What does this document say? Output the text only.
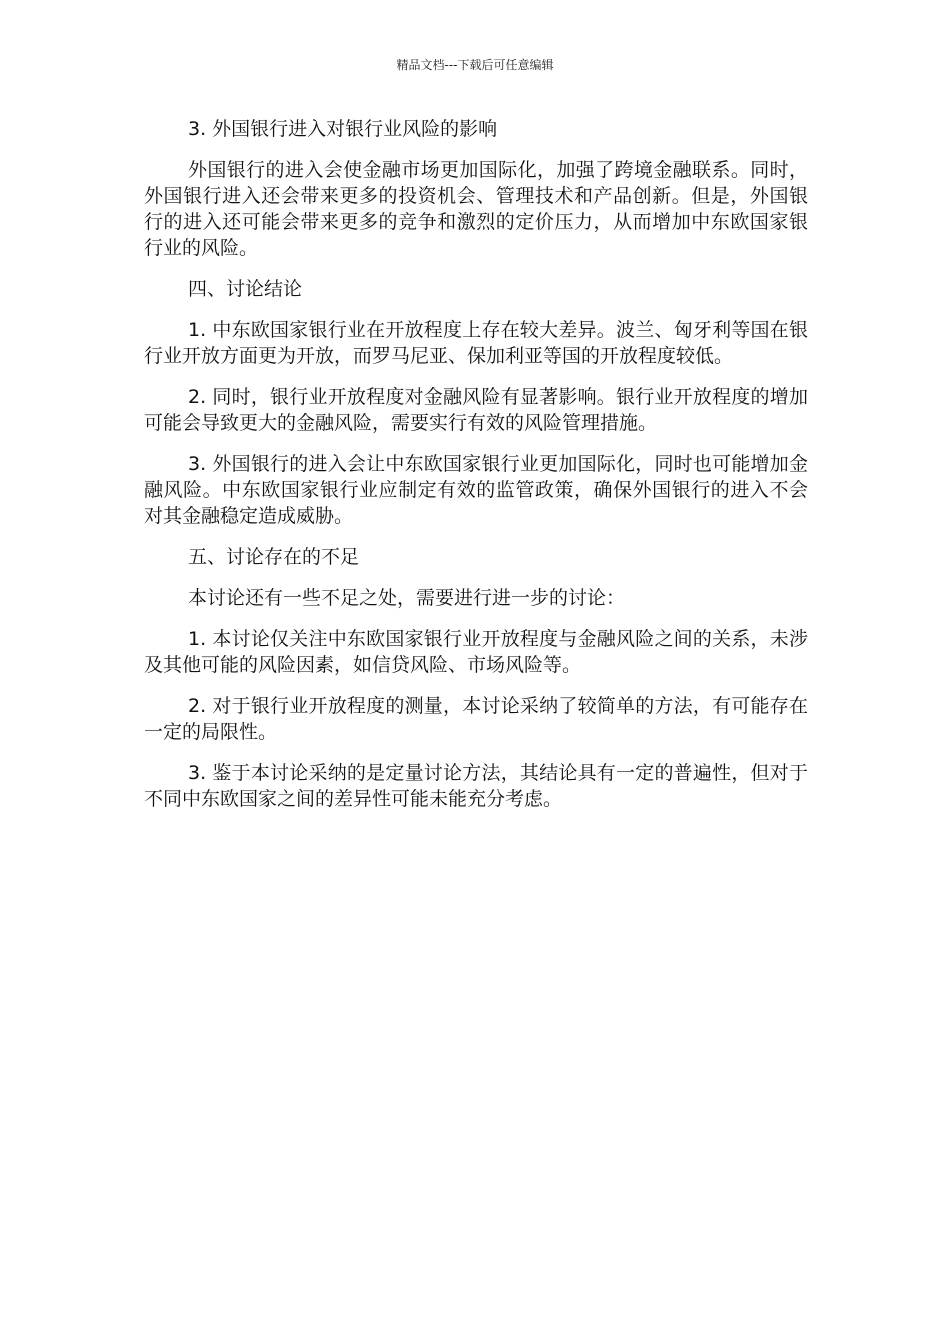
精品文档---下载后可任意编辑

3. 外国银行进入对银行业风险的影响

外国银行的进入会使金融市场更加国际化，加强了跨境金融联系。同时，外国银行进入还会带来更多的投资机会、管理技术和产品创新。但是，外国银行的进入还可能会带来更多的竞争和激烈的定价压力，从而增加中东欧国家银行业的风险。

四、讨论结论

1. 中东欧国家银行业在开放程度上存在较大差异。波兰、匈牙利等国在银行业开放方面更为开放，而罗马尼亚、保加利亚等国的开放程度较低。

2. 同时，银行业开放程度对金融风险有显著影响。银行业开放程度的增加可能会导致更大的金融风险，需要实行有效的风险管理措施。

3. 外国银行的进入会让中东欧国家银行业更加国际化，同时也可能增加金融风险。中东欧国家银行业应制定有效的监管政策，确保外国银行的进入不会对其金融稳定造成威胁。

五、讨论存在的不足

本讨论还有一些不足之处，需要进行进一步的讨论：

1. 本讨论仅关注中东欧国家银行业开放程度与金融风险之间的关系，未涉及其他可能的风险因素，如信贷风险、市场风险等。

2. 对于银行业开放程度的测量，本讨论采纳了较简单的方法，有可能存在一定的局限性。

3. 鉴于本讨论采纳的是定量讨论方法，其结论具有一定的普遍性，但对于不同中东欧国家之间的差异性可能未能充分考虑。
